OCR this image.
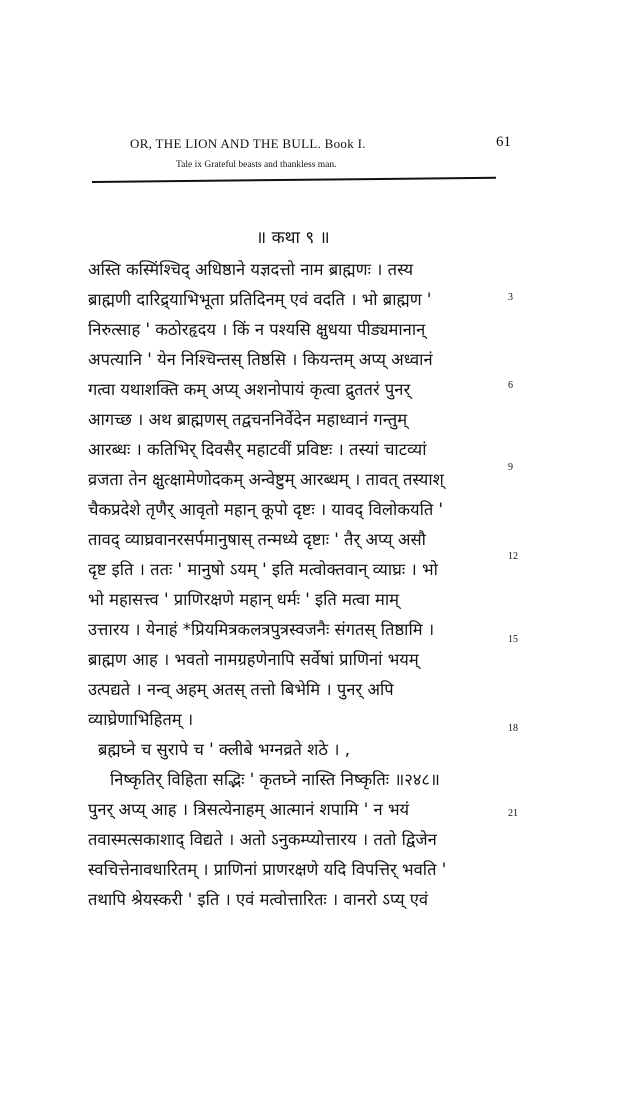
OR, THE LION AND THE BULL. Book I.	61
Tale ix Grateful beasts and thankless man.
॥ कथा ९ ॥
अस्ति कस्मिंश्चिद् अधिष्ठाने यज्ञदत्तो नाम ब्राह्मणः । तस्य
ब्राह्मणी दारिद्र्याभिभूता प्रतिदिनम् एवं वदति । भो ब्राह्मण '
निरुत्साह ' कठोरहृदय । किं न पश्यसि क्षुधया पीड्यमानान्
अपत्यानि ' येन निश्चिन्तस् तिष्ठसि । कियन्तम् अप्य् अध्वानं
गत्वा यथाशक्ति कम् अप्य् अशनोपायं कृत्वा द्रुततरं पुनर्
आगच्छ । अथ ब्राह्मणस् तद्वचननिर्वेदेन महाध्वानं गन्तुम्
आरब्धः । कतिभिर् दिवसैर् महाटवीं प्रविष्टः । तस्यां चाटव्यां
व्रजता तेन क्षुत्क्षामेणोदकम् अन्वेष्टुम् आरब्धम् । तावत् तस्याश्
चैकप्रदेशे तृणैर् आवृतो महान् कूपो दृष्टः । यावद् विलोकयति '
तावद् व्याघ्रवानरसर्पमानुषास् तन्मध्ये दृष्टाः ' तैर् अप्य् असौ
दृष्ट इति । ततः ' मानुषो ऽयम् ' इति मत्वोक्तवान् व्याघ्रः । भो
भो महासत्त्व ' प्राणिरक्षणे महान् धर्मः ' इति मत्वा माम्
उत्तारय । येनाहं *प्रियमित्रकलत्रपुत्रस्वजनैः संगतस् तिष्ठामि ।
ब्राह्मण आह । भवतो नामग्रहणेनापि सर्वेषां प्राणिनां भयम्
उत्पद्यते । नन्व् अहम् अतस् तत्तो बिभेमि । पुनर् अपि
व्याघ्रेणाभिहितम् ।
ब्रह्मघ्ने च सुरापे च ' क्लीबे भग्नव्रते शठे । ,
निष्कृतिर् विहिता सद्भिः ' कृतघ्ने नास्ति निष्कृतिः ॥२४८॥
पुनर् अप्य् आह । त्रिसत्येनाहम् आत्मानं शपामि ' न भयं
तवास्मत्सकाशाद् विद्यते । अतो ऽनुकम्प्योत्तारय । ततो द्विजेन
स्वचित्तेनावधारितम् । प्राणिनां प्राणरक्षणे यदि विपत्तिर् भवति '
तथापि श्रेयस्करी ' इति । एवं मत्वोत्तारितः । वानरो ऽप्य् एवं
3
6
9
12
15
18
21
